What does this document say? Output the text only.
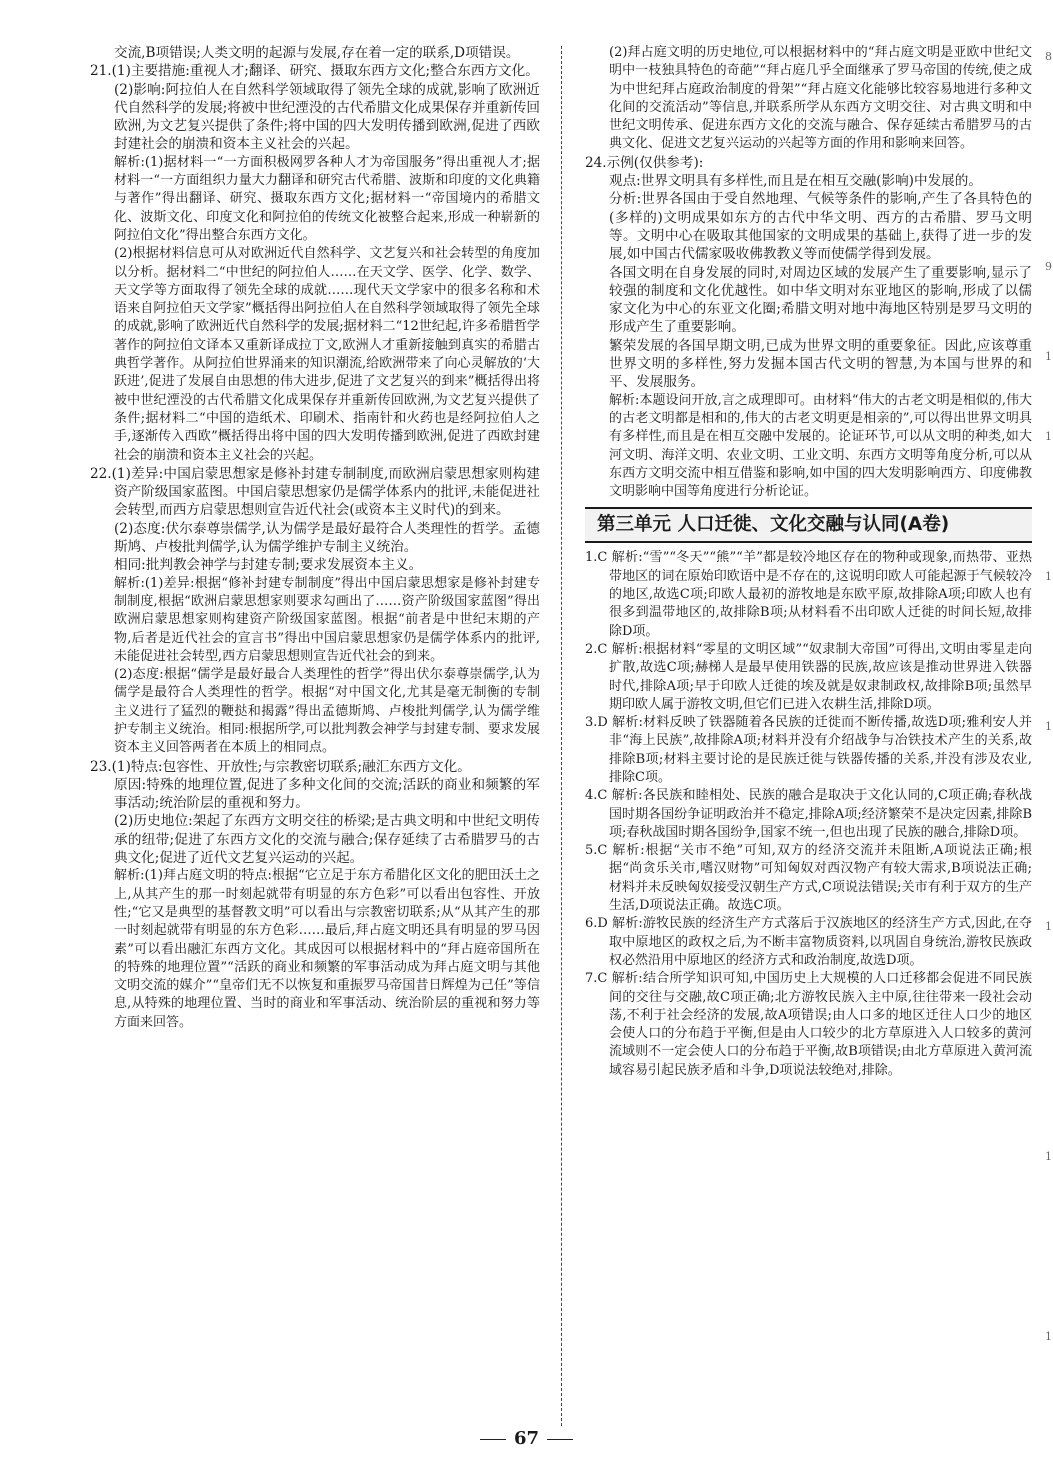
交流,B项错误;人类文明的起源与发展,存在着一定的联系,D项错误。

21.(1)主要措施:重视人才;翻译、研究、摄取东西方文化;整合东西方文化。

(2)影响:阿拉伯人在自然科学领域取得了领先全球的成就,影响了欧洲近代自然科学的发展;将被中世纪湮没的古代希腊文化成果保存并重新传回欧洲,为文艺复兴提供了条件;将中国的四大发明传播到欧洲,促进了西欧封建社会的崩溃和资本主义社会的兴起。

解析:(1)据材料一“一方面积极网罗各种人才为帝国服务”得出重视人才;据材料一“一方面组织力量大力翻译和研究古代希腊、波斯和印度的文化典籍与著作”得出翻译、研究、摄取东西方文化;据材料一“帝国境内的希腊文化、波斯文化、印度文化和阿拉伯的传统文化被整合起来,形成一种崭新的阿拉伯文化”得出整合东西方文化。

(2)根据材料信息可从对欧洲近代自然科学、文艺复兴和社会转型的角度加以分析。据材料二“中世纪的阿拉伯人……在天文学、医学、化学、数学、天文学等方面取得了领先全球的成就……现代天文学家中的很多名称和术语来自阿拉伯天文学家”概括得出阿拉伯人在自然科学领域取得了领先全球的成就,影响了欧洲近代自然科学的发展;据材料二“12世纪起,许多希腊哲学著作的阿拉伯文译本又重新译成拉丁文,欧洲人才重新接触到真实的希腊古典哲学著作。从阿拉伯世界涌来的知识潮流,给欧洲带来了向心灵解放的‘大跃进’,促进了发展自由思想的伟大进步,促进了文艺复兴的到来”概括得出将被中世纪湮没的古代希腊文化成果保存并重新传回欧洲,为文艺复兴提供了条件;据材料二“中国的造纸术、印刷术、指南针和火药也是经阿拉伯人之手,逐渐传入西欧”概括得出将中国的四大发明传播到欧洲,促进了西欧封建社会的崩溃和资本主义社会的兴起。

22.(1)差异:中国启蒙思想家是修补封建专制制度,而欧洲启蒙思想家则构建资产阶级国家蓝图。中国启蒙思想家仍是儒学体系内的批评,未能促进社会转型,而西方启蒙思想则宣告近代社会(或资本主义时代)的到来。

(2)态度:伏尔泰尊崇儒学,认为儒学是最好最符合人类理性的哲学。孟德斯鸠、卢梭批判儒学,认为儒学维护专制主义统治。

相同:批判教会神学与封建专制;要求发展资本主义。

解析:(1)差异:根据“修补封建专制制度”得出中国启蒙思想家是修补封建专制制度,根据“欧洲启蒙思想家则要求勾画出了……资产阶级国家蓝图”得出欧洲启蒙思想家则构建资产阶级国家蓝图。根据“前者是中世纪末期的产物,后者是近代社会的宣言书”得出中国启蒙思想家仍是儒学体系内的批评,未能促进社会转型,西方启蒙思想则宣告近代社会的到来。

(2)态度:根据“儒学是最好最合人类理性的哲学”得出伏尔泰尊崇儒学,认为儒学是最符合人类理性的哲学。根据“对中国文化,尤其是毫无制衡的专制主义进行了猛烈的鞭挞和揭露”得出孟德斯鸠、卢梭批判儒学,认为儒学维护专制主义统治。相同:根据所学,可以批判教会神学与封建专制、要求发展资本主义回答两者在本质上的相同点。

23.(1)特点:包容性、开放性;与宗教密切联系;融汇东西方文化。

原因:特殊的地理位置,促进了多种文化间的交流;活跃的商业和频繁的军事活动;统治阶层的重视和努力。

(2)历史地位:架起了东西方文明交往的桥梁;是古典文明和中世纪文明传承的纽带;促进了东西方文化的交流与融合;保存延续了古希腊罗马的古典文化;促进了近代文艺复兴运动的兴起。

解析:(1)拜占庭文明的特点:根据“它立足于东方希腊化区文化的肥田沃土之上,从其产生的那一时刻起就带有明显的东方色彩”可以看出包容性、开放性;“它又是典型的基督教文明”可以看出与宗教密切联系;从“从其产生的那一时刻起就带有明显的东方色彩……最后,拜占庭文明还具有明显的罗马因素”可以看出融汇东西方文化。其成因可以根据材料中的“拜占庭帝国所在的特殊的地理位置”“活跃的商业和频繁的军事活动成为拜占庭文明与其他文明交流的媒介”“皇帝们无不以恢复和重振罗马帝国昔日辉煌为己任”等信息,从特殊的地理位置、当时的商业和军事活动、统治阶层的重视和努力等方面来回答。

(2)拜占庭文明的历史地位,可以根据材料中的“拜占庭文明是亚欧中世纪文明中一枝独具特色的奇葩”“拜占庭几乎全面继承了罗马帝国的传统,使之成为中世纪拜占庭政治制度的骨架”“拜占庭文化能够比较容易地进行多种文化间的交流活动”等信息,并联系所学从东西方文明交往、对古典文明和中世纪文明传承、促进东西方文化的交流与融合、保存延续古希腊罗马的古典文化、促进文艺复兴运动的兴起等方面的作用和影响来回答。

24.示例(仅供参考):

观点:世界文明具有多样性,而且是在相互交融(影响)中发展的。

分析:世界各国由于受自然地理、气候等条件的影响,产生了各具特色的(多样的)文明成果如东方的古代中华文明、西方的古希腊、罗马文明等。文明中心在吸取其他国家的文明成果的基础上,获得了进一步的发展,如中国古代儒家吸收佛教教义等而使儒学得到发展。

各国文明在自身发展的同时,对周边区域的发展产生了重要影响,显示了较强的制度和文化优越性。如中华文明对东亚地区的影响,形成了以儒家文化为中心的东亚文化圈;希腊文明对地中海地区特别是罗马文明的形成产生了重要影响。

繁荣发展的各国早期文明,已成为世界文明的重要象征。因此,应该尊重世界文明的多样性,努力发掘本国古代文明的智慧,为本国与世界的和平、发展服务。

解析:本题设问开放,言之成理即可。由材料“伟大的古老文明是相似的,伟大的古老文明都是相和的,伟大的古老文明更是相亲的”,可以得出世界文明具有多样性,而且是在相互交融中发展的。论证环节,可以从文明的种类,如大河文明、海洋文明、农业文明、工业文明、东西方文明等角度分析,可以从东西方文明交流中相互借鉴和影响,如中国的四大发明影响西方、印度佛教文明影响中国等角度进行分析论证。

第三单元 人口迁徙、文化交融与认同(A卷)

1.C 解析:“雪”“冬天”“熊”“羊”都是较冷地区存在的物种或现象,而热带、亚热带地区的词在原始印欧语中是不存在的,这说明印欧人可能起源于气候较冷的地区,故选C项;印欧人最初的游牧地是东欧平原,故排除A项;印欧人也有很多到温带地区的,故排除B项;从材料看不出印欧人迁徙的时间长短,故排除D项。

2.C 解析:根据材料“零星的文明区域”“奴隶制大帝国”可得出,文明由零星走向扩散,故选C项;赫梯人是最早使用铁器的民族,故应该是推动世界进入铁器时代,排除A项;早于印欧人迁徙的埃及就是奴隶制政权,故排除B项;虽然早期印欧人属于游牧文明,但它们已进入农耕生活,排除D项。

3.D 解析:材料反映了铁器随着各民族的迁徙而不断传播,故选D项;雅利安人并非“海上民族”,故排除A项;材料并没有介绍战争与冶铁技术产生的关系,故排除B项;材料主要讨论的是民族迁徙与铁器传播的关系,并没有涉及农业,排除C项。

4.C 解析:各民族和睦相处、民族的融合是取决于文化认同的,C项正确;春秋战国时期各国纷争证明政治并不稳定,排除A项;经济繁荣不是决定因素,排除B项;春秋战国时期各国纷争,国家不统一,但也出现了民族的融合,排除D项。

5.C 解析:根据“关市不绝”可知,双方的经济交流并未阻断,A项说法正确;根据“尚贪乐关市,嗜汉财物”可知匈奴对西汉物产有较大需求,B项说法正确;材料并未反映匈奴接受汉朝生产方式,C项说法错误;关市有利于双方的生产生活,D项说法正确。故选C项。

6.D 解析:游牧民族的经济生产方式落后于汉族地区的经济生产方式,因此,在夺取中原地区的政权之后,为不断丰富物质资料,以巩固自身统治,游牧民族政权必然沿用中原地区的经济方式和政治制度,故选D项。

7.C 解析:结合所学知识可知,中国历史上大规模的人口迁移都会促进不同民族间的交往与交融,故C项正确;北方游牧民族入主中原,往往带来一段社会动荡,不利于社会经济的发展,故A项错误;由人口多的地区迁往人口少的地区会使人口的分布趋于平衡,但是由人口较少的北方草原进入人口较多的黄河流域则不一定会使人口的分布趋于平衡,故B项错误;由北方草原进入黄河流域容易引起民族矛盾和斗争,D项说法较绝对,排除。

8
9
1
1
1
1
1
1
1
67
